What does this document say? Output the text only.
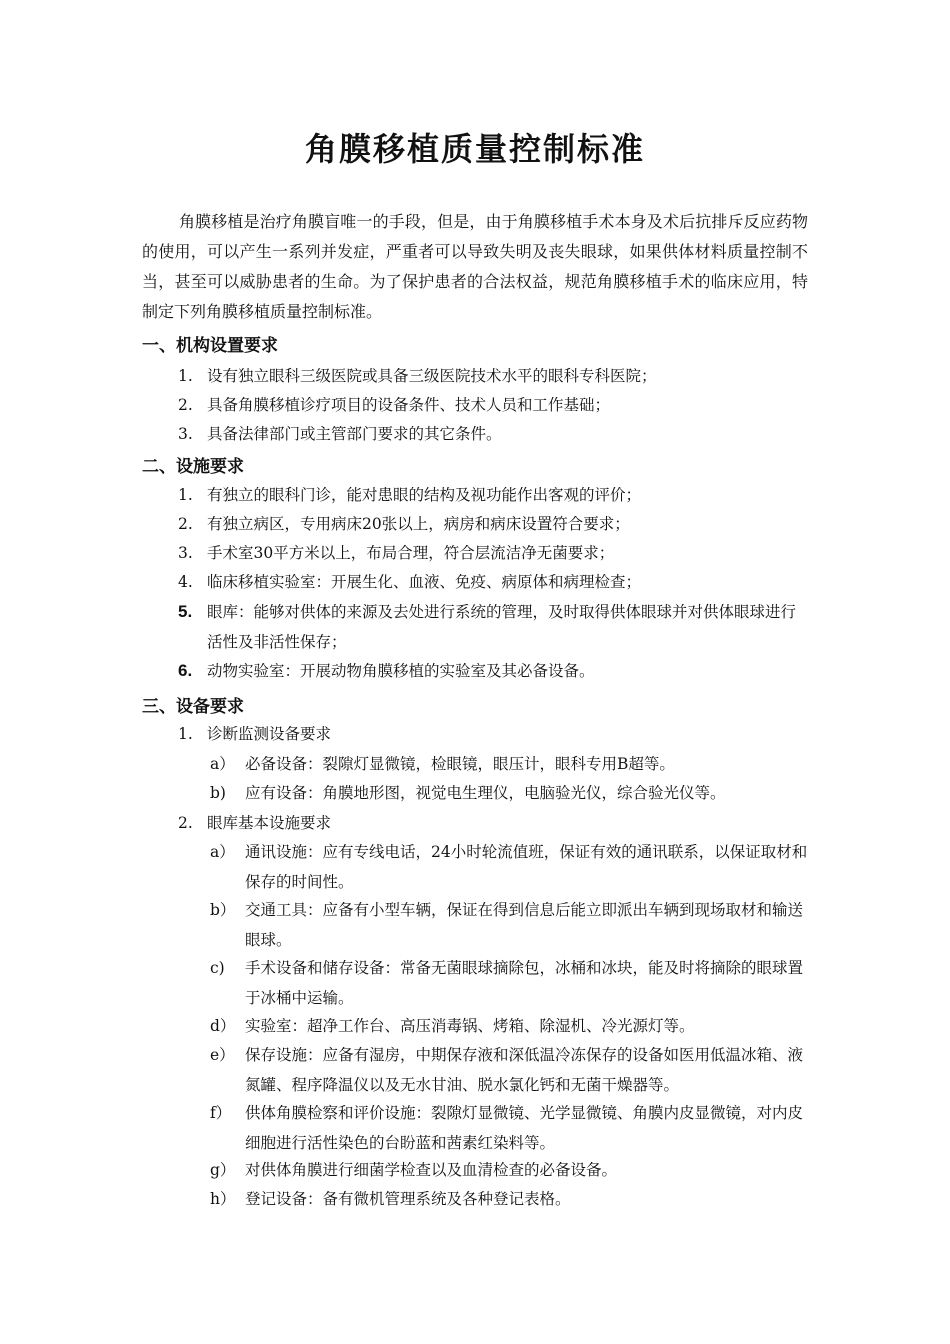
角膜移植质量控制标准
角膜移植是治疗角膜盲唯一的手段，但是，由于角膜移植手术本身及术后抗排斥反应药物的使用，可以产生一系列并发症，严重者可以导致失明及丧失眼球，如果供体材料质量控制不当，甚至可以威胁患者的生命。为了保护患者的合法权益，规范角膜移植手术的临床应用，特制定下列角膜移植质量控制标准。
一、机构设置要求
1. 设有独立眼科三级医院或具备三级医院技术水平的眼科专科医院；
2. 具备角膜移植诊疗项目的设备条件、技术人员和工作基础；
3. 具备法律部门或主管部门要求的其它条件。
二、设施要求
1. 有独立的眼科门诊，能对患眼的结构及视功能作出客观的评价；
2. 有独立病区，专用病床20张以上，病房和病床设置符合要求；
3. 手术室30平方米以上，布局合理，符合层流洁净无菌要求；
4. 临床移植实验室：开展生化、血液、免疫、病原体和病理检查；
5. 眼库：能够对供体的来源及去处进行系统的管理，及时取得供体眼球并对供体眼球进行活性及非活性保存；
6. 动物实验室：开展动物角膜移植的实验室及其必备设备。
三、设备要求
1. 诊断监测设备要求
a） 必备设备：裂隙灯显微镜，检眼镜，眼压计，眼科专用B超等。
b)	应有设备：角膜地形图，视觉电生理仪，电脑验光仪，综合验光仪等。
2. 眼库基本设施要求
a） 通讯设施：应有专线电话，24小时轮流值班，保证有效的通讯联系，以保证取材和保存的时间性。
b） 交通工具：应备有小型车辆，保证在得到信息后能立即派出车辆到现场取材和输送眼球。
c)	手术设备和储存设备：常备无菌眼球摘除包，冰桶和冰块，能及时将摘除的眼球置于冰桶中运输。
d） 实验室：超净工作台、高压消毒锅、烤箱、除湿机、冷光源灯等。
e） 保存设施：应备有湿房，中期保存液和深低温冷冻保存的设备如医用低温冰箱、液氮罐、程序降温仪以及无水甘油、脱水氯化钙和无菌干燥器等。
f） 供体角膜检察和评价设施：裂隙灯显微镜、光学显微镜、角膜内皮显微镜，对内皮细胞进行活性染色的台盼蓝和茜素红染料等。
g） 对供体角膜进行细菌学检查以及血清检查的必备设备。
h） 登记设备：备有微机管理系统及各种登记表格。
